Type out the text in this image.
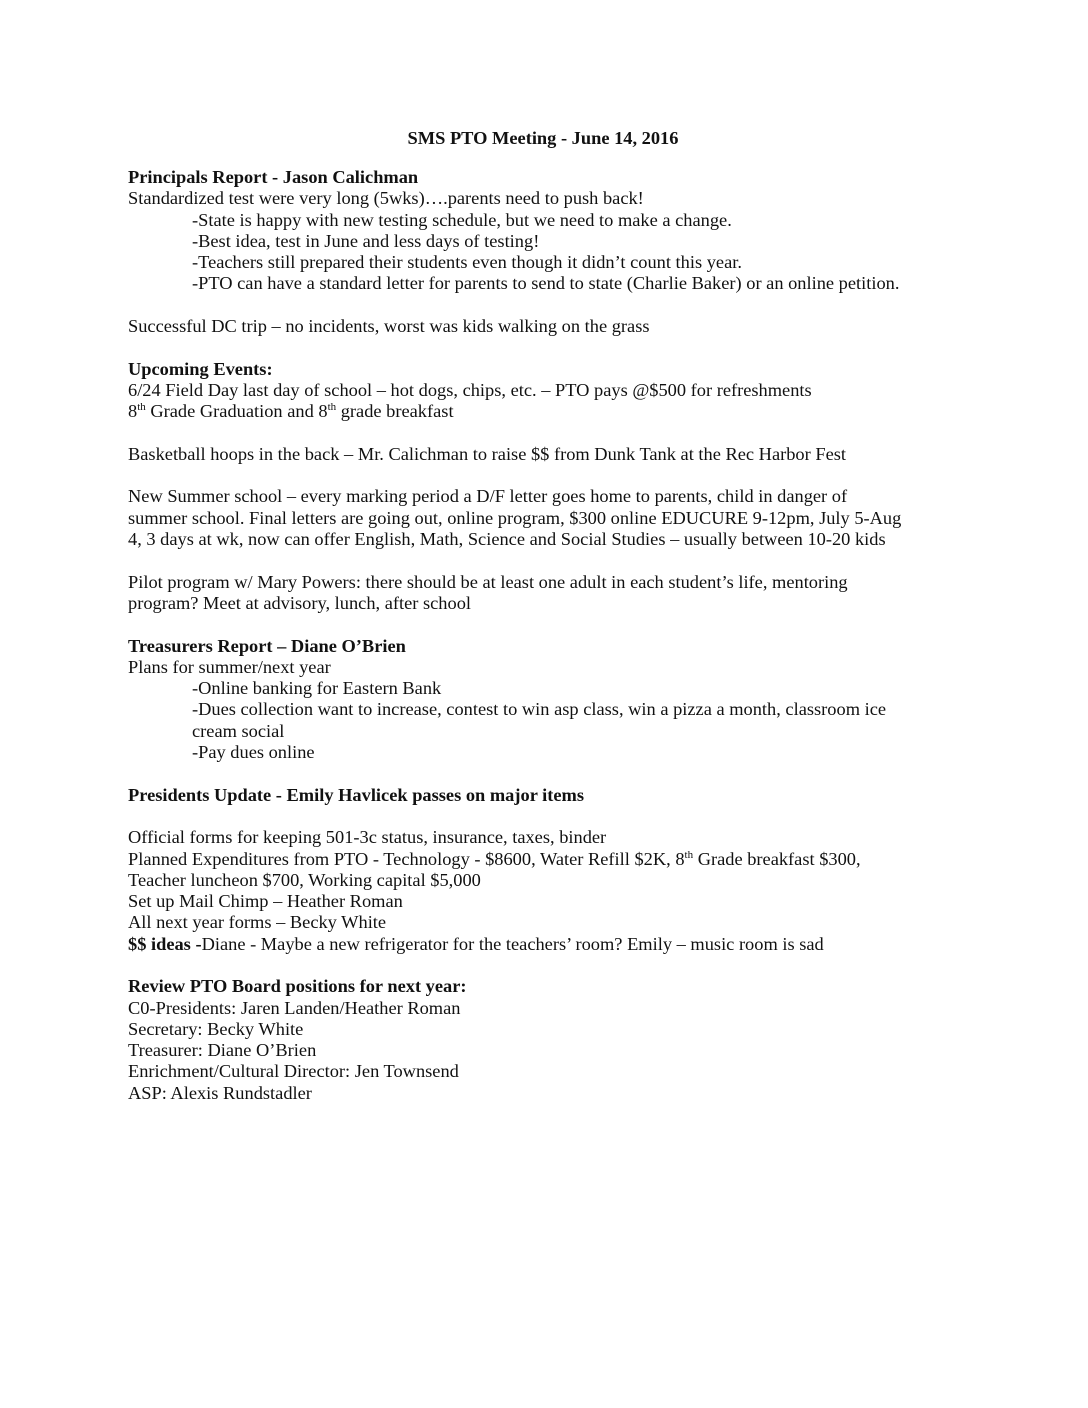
SMS PTO Meeting - June 14, 2016

Principals Report - Jason Calichman

Standardized test were very long (5wks)….parents need to push back!

-State is happy with new testing schedule, but we need to make a change.

-Best idea, test in June and less days of testing!

-Teachers still prepared their students even though it didn’t count this year.

-PTO can have a standard letter for parents to send to state (Charlie Baker) or an online petition.

Successful DC trip – no incidents, worst was kids walking on the grass

Upcoming Events:

6/24 Field Day last day of school – hot dogs, chips, etc. – PTO pays @$500 for refreshments

8th Grade Graduation and 8th grade breakfast

Basketball hoops in the back – Mr. Calichman to raise $$ from Dunk Tank at the Rec Harbor Fest

New Summer school – every marking period a D/F letter goes home to parents, child in danger of

summer school. Final letters are going out, online program, $300 online EDUCURE 9-12pm, July 5-Aug

4, 3 days at wk, now can offer English, Math, Science and Social Studies – usually between 10-20 kids

Pilot program w/ Mary Powers: there should be at least one adult in each student’s life, mentoring

program? Meet at advisory, lunch, after school

Treasurers Report – Diane O’Brien

Plans for summer/next year

-Online banking for Eastern Bank

-Dues collection want to increase, contest to win asp class, win a pizza a month, classroom ice

cream social

-Pay dues online

Presidents Update - Emily Havlicek passes on major items

Official forms for keeping 501-3c status, insurance, taxes, binder

Planned Expenditures from PTO - Technology - $8600, Water Refill $2K, 8th Grade breakfast $300,

Teacher luncheon $700, Working capital $5,000

Set up Mail Chimp – Heather Roman

All next year forms – Becky White

$$ ideas -Diane - Maybe a new refrigerator for the teachers’ room? Emily – music room is sad

Review PTO Board positions for next year:

C0-Presidents: Jaren Landen/Heather Roman

Secretary: Becky White

Treasurer: Diane O’Brien

Enrichment/Cultural Director: Jen Townsend

ASP: Alexis Rundstadler
